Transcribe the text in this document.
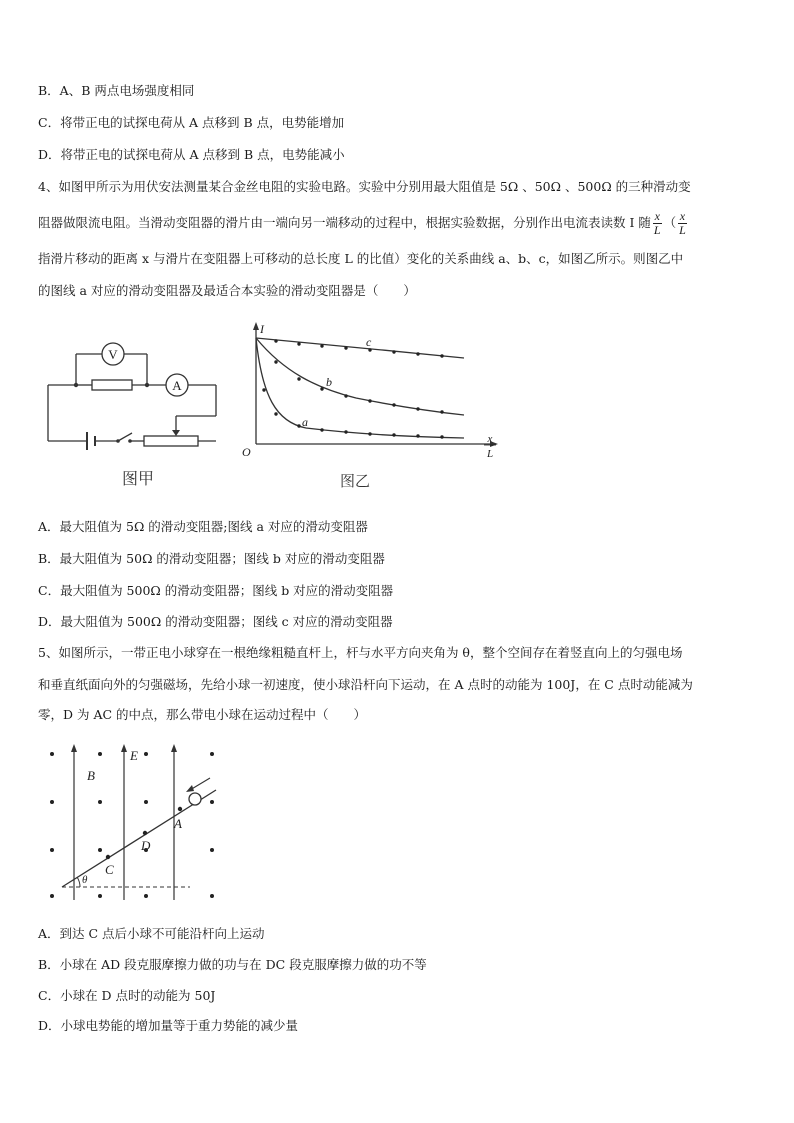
B．A、B 两点电场强度相同
C．将带正电的试探电荷从 A 点移到 B 点，电势能增加
D．将带正电的试探电荷从 A 点移到 B 点，电势能减小
4、如图甲所示为用伏安法测量某合金丝电阻的实验电路。实验中分别用最大阻值是 5Ω 、50Ω 、500Ω 的三种滑动变
阻器做限流电阻。当滑动变阻器的滑片由一端向另一端移动的过程中，根据实验数据，分别作出电流表读数 I 随 $\frac{x}{L}$ （ $\frac{x}{L}$
指滑片移动的距离 x 与滑片在变阻器上可移动的总长度 L 的比值）变化的关系曲线 a、b、c，如图乙所示。则图乙中
的图线 a 对应的滑动变阻器及最适合本实验的滑动变阻器是（　　）
V
A
图甲
I
O
x
L
c
b
a
图乙
A．最大阻值为 5Ω 的滑动变阻器;图线 a 对应的滑动变阻器
B．最大阻值为 50Ω 的滑动变阻器；图线 b 对应的滑动变阻器
C．最大阻值为 500Ω 的滑动变阻器；图线 b 对应的滑动变阻器
D．最大阻值为 500Ω 的滑动变阻器；图线 c 对应的滑动变阻器
5、如图所示，一带正电小球穿在一根绝缘粗糙直杆上，杆与水平方向夹角为 θ，整个空间存在着竖直向上的匀强电场
和垂直纸面向外的匀强磁场，先给小球一初速度，使小球沿杆向下运动，在 A 点时的动能为 100J，在 C 点时动能减为
零，D 为 AC 的中点，那么带电小球在运动过程中（　　）
B
E
A
D
C
θ
A．到达 C 点后小球不可能沿杆向上运动
B．小球在 AD 段克服摩擦力做的功与在 DC 段克服摩擦力做的功不等
C．小球在 D 点时的动能为 50J
D．小球电势能的增加量等于重力势能的减少量
